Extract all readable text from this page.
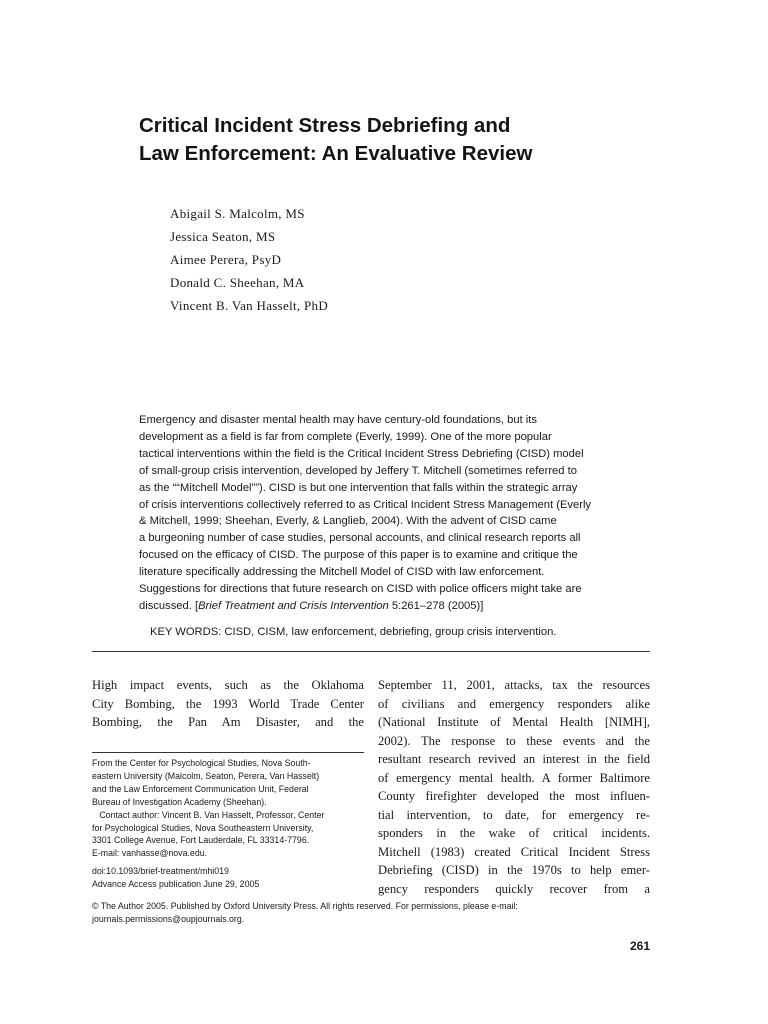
Critical Incident Stress Debriefing and
Law Enforcement: An Evaluative Review
Abigail S. Malcolm, MS
Jessica Seaton, MS
Aimee Perera, PsyD
Donald C. Sheehan, MA
Vincent B. Van Hasselt, PhD
Emergency and disaster mental health may have century-old foundations, but its
development as a field is far from complete (Everly, 1999). One of the more popular
tactical interventions within the field is the Critical Incident Stress Debriefing (CISD) model
of small-group crisis intervention, developed by Jeffery T. Mitchell (sometimes referred to
as the ““Mitchell Model””). CISD is but one intervention that falls within the strategic array
of crisis interventions collectively referred to as Critical Incident Stress Management (Everly
& Mitchell, 1999; Sheehan, Everly, & Langlieb, 2004). With the advent of CISD came
a burgeoning number of case studies, personal accounts, and clinical research reports all
focused on the efficacy of CISD. The purpose of this paper is to examine and critique the
literature specifically addressing the Mitchell Model of CISD with law enforcement.
Suggestions for directions that future research on CISD with police officers might take are
discussed. [Brief Treatment and Crisis Intervention 5:261–278 (2005)]
KEY WORDS: CISD, CISM, law enforcement, debriefing, group crisis intervention.
High impact events, such as the Oklahoma
City Bombing, the 1993 World Trade Center
Bombing, the Pan Am Disaster, and the
September 11, 2001, attacks, tax the resources
of civilians and emergency responders alike
(National Institute of Mental Health [NIMH],
2002). The response to these events and the
resultant research revived an interest in the field
of emergency mental health. A former Baltimore
County firefighter developed the most influen-
tial intervention, to date, for emergency re-
sponders in the wake of critical incidents.
Mitchell (1983) created Critical Incident Stress
Debriefing (CISD) in the 1970s to help emer-
gency responders quickly recover from a
From the Center for Psychological Studies, Nova South-
eastern University (Malcolm, Seaton, Perera, Van Hasselt)
and the Law Enforcement Communication Unit, Federal
Bureau of Investigation Academy (Sheehan).
Contact author: Vincent B. Van Hasselt, Professor, Center
for Psychological Studies, Nova Southeastern University,
3301 College Avenue, Fort Lauderdale, FL 33314-7796.
E-mail: vanhasse@nova.edu.
doi:10.1093/brief-treatment/mhi019
Advance Access publication June 29, 2005
© The Author 2005. Published by Oxford University Press. All rights reserved. For permissions, please e-mail:
journals.permissions@oupjournals.org.
261
